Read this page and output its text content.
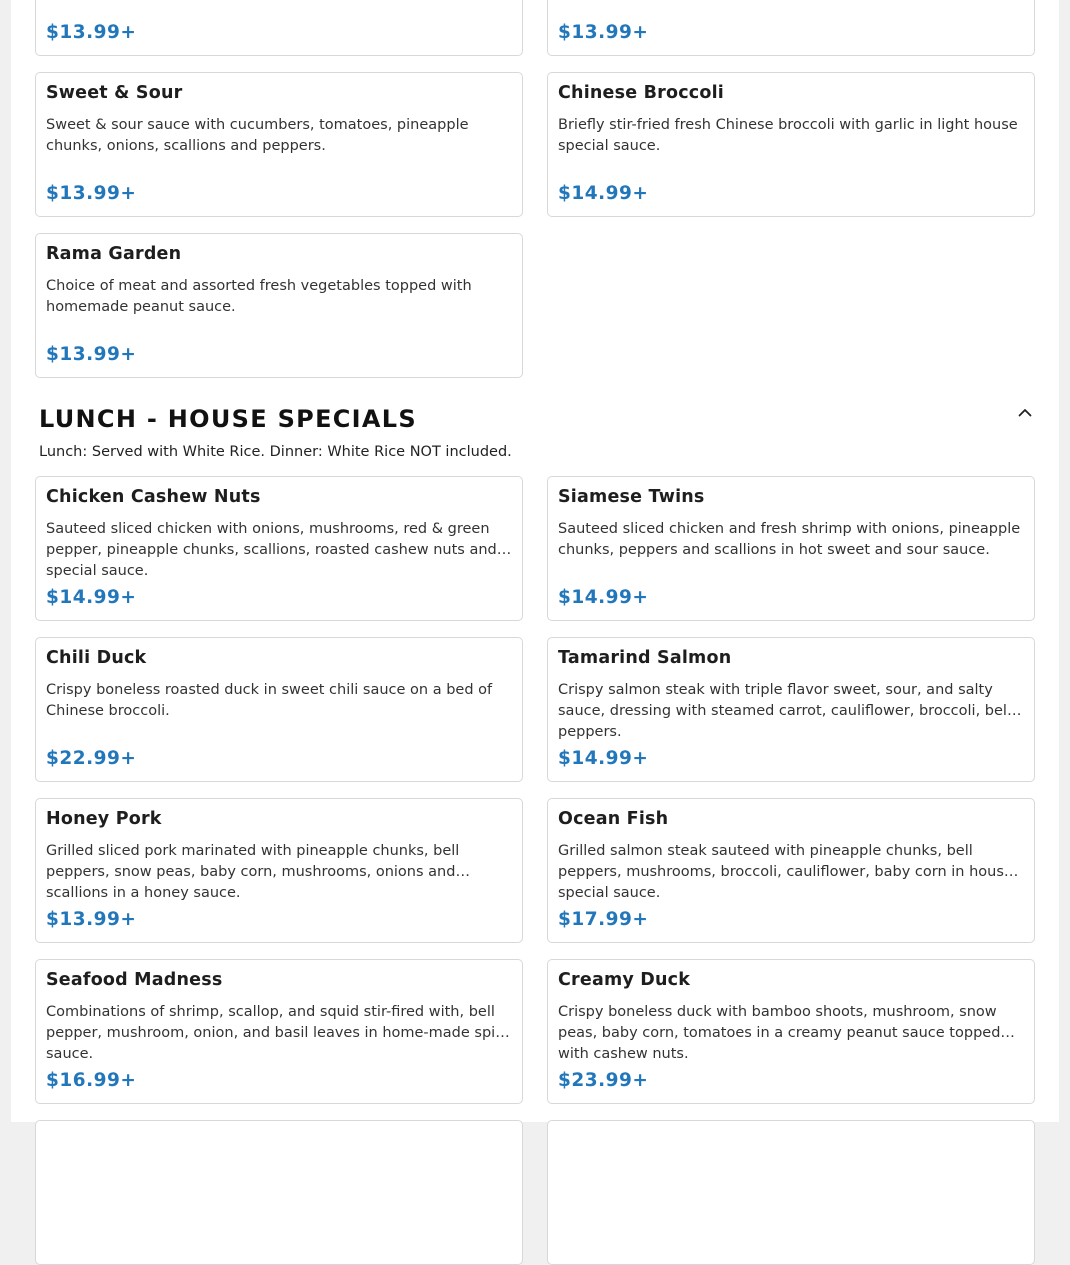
$13.99+	$13.99+
Sweet & Sour
Sweet & sour sauce with cucumbers, tomatoes, pineapple chunks, onions, scallions and peppers.
$13.99+
Chinese Broccoli
Briefly stir-fried fresh Chinese broccoli with garlic in light house special sauce.
$14.99+
Rama Garden
Choice of meat and assorted fresh vegetables topped with homemade peanut sauce.
$13.99+
LUNCH - HOUSE SPECIALS
Lunch: Served with White Rice. Dinner: White Rice NOT included.
Chicken Cashew Nuts
Sauteed sliced chicken with onions, mushrooms, red & green pepper, pineapple chunks, scallions, roasted cashew nuts and a special sauce.
$14.99+
Siamese Twins
Sauteed sliced chicken and fresh shrimp with onions, pineapple chunks, peppers and scallions in hot sweet and sour sauce.
$14.99+
Chili Duck
Crispy boneless roasted duck in sweet chili sauce on a bed of Chinese broccoli.
$22.99+
Tamarind Salmon
Crispy salmon steak with triple flavor sweet, sour, and salty sauce, dressing with steamed carrot, cauliflower, broccoli, bell peppers.
$14.99+
Honey Pork
Grilled sliced pork marinated with pineapple chunks, bell peppers, snow peas, baby corn, mushrooms, onions and scallions in a honey sauce.
$13.99+
Ocean Fish
Grilled salmon steak sauteed with pineapple chunks, bell peppers, mushrooms, broccoli, cauliflower, baby corn in house special sauce.
$17.99+
Seafood Madness
Combinations of shrimp, scallop, and squid stir-fired with, bell pepper, mushroom, onion, and basil leaves in home-made spicy sauce.
$16.99+
Creamy Duck
Crispy boneless duck with bamboo shoots, mushroom, snow peas, baby corn, tomatoes in a creamy peanut sauce topped with cashew nuts.
$23.99+
